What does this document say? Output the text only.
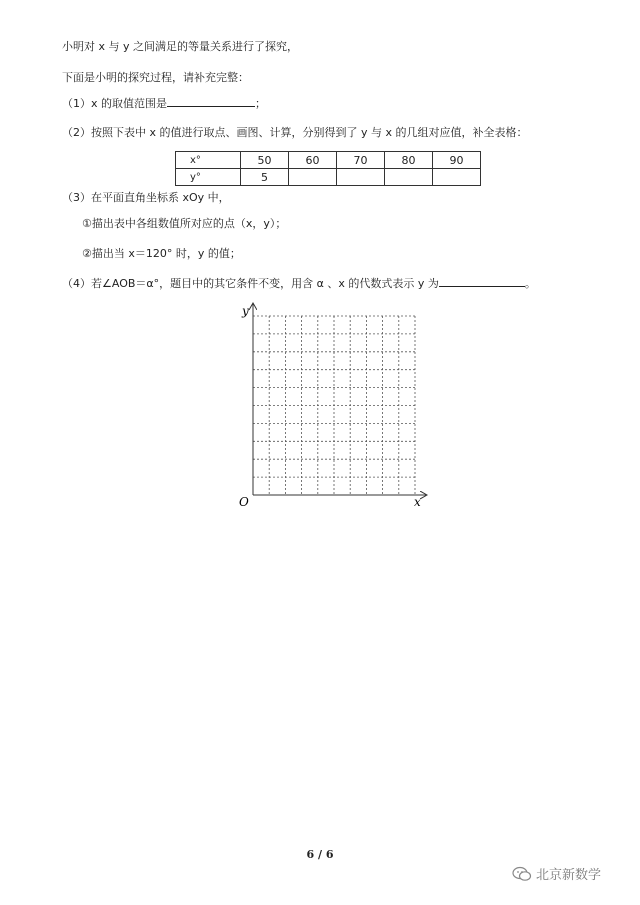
小明对 x 与 y 之间满足的等量关系进行了探究，
下面是小明的探究过程，请补充完整：
（1）x 的取值范围是	；
（2）按照下表中 x 的值进行取点、画图、计算，分别得到了 y 与 x 的几组对应值，补全表格：
x°	50	60	70	80	90
y°	5				
（3）在平面直角坐标系 xOy 中，
①描出表中各组数值所对应的点（x，y）；
②描出当 x＝120° 时，y 的值；
（4）若∠AOB＝α°，题目中的其它条件不变，用含 α 、x 的代数式表示 y 为	。
y
x
O
6 / 6
北京新数学
